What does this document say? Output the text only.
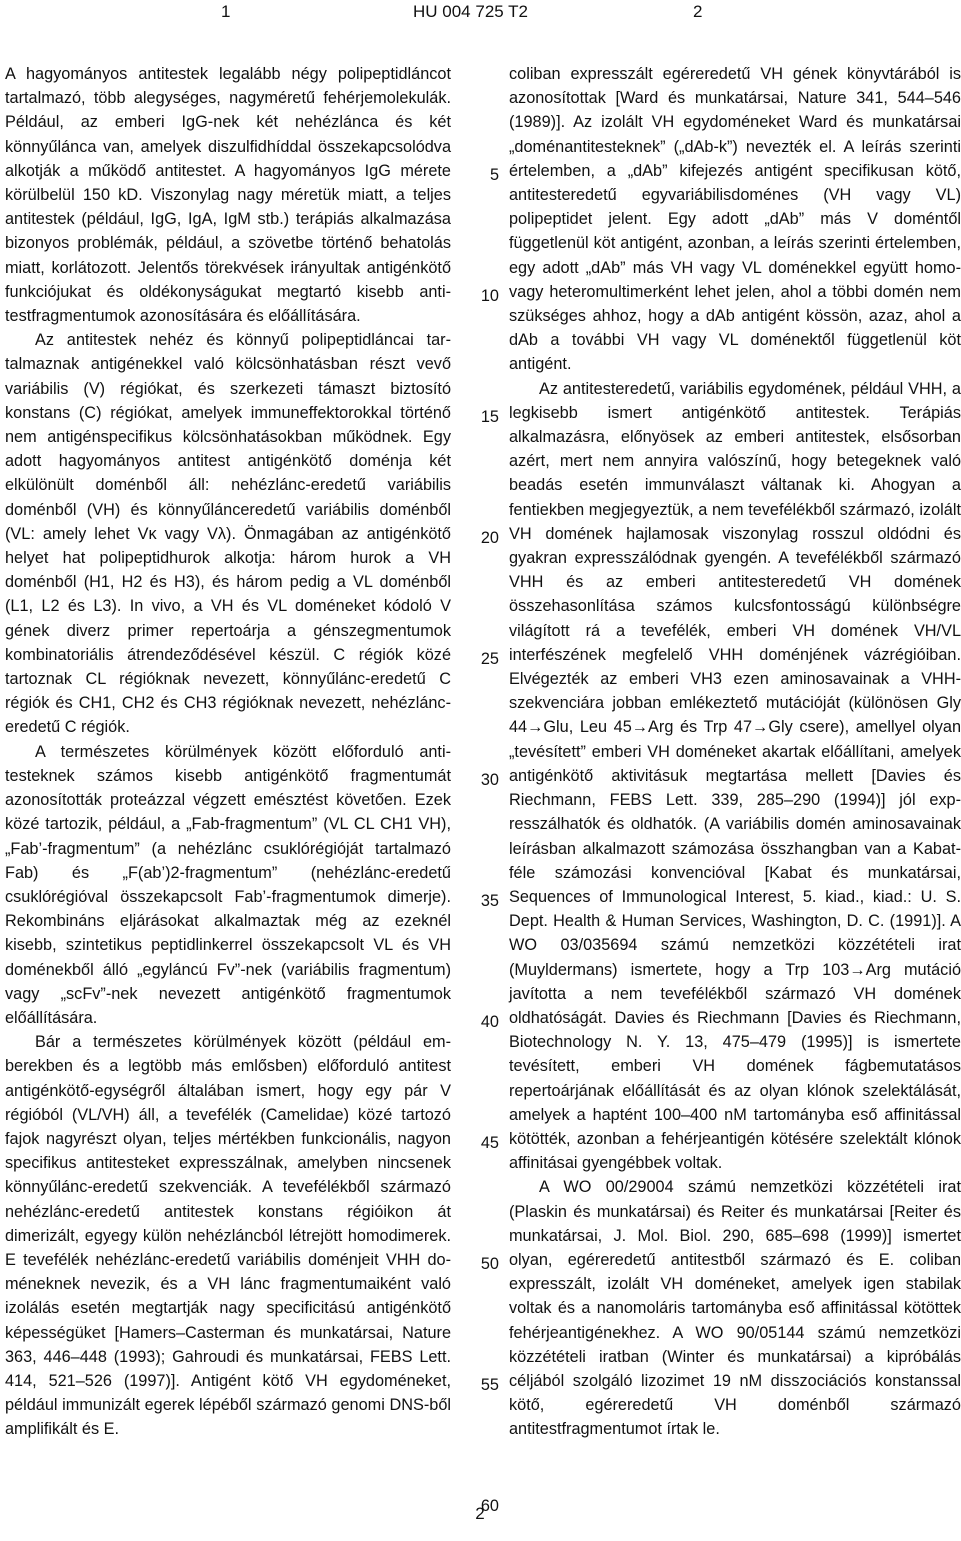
1	HU 004 725 T2	2

A hagyományos antitestek legalább négy polipeptidláncot tartalmazó, több alegységes, nagyméretű fehérjemolekulák. Például, az emberi IgG-nek két nehézlánca és két könnyűlánca van, amelyek diszulfidhíddal összekapcsolódva alkotják a működő antitestet. A hagyományos IgG mérete körülbelül 150 kD. Viszonylag nagy méretük miatt, a teljes antitestek (például, IgG, IgA, IgM stb.) terápiás alkalmazása bizonyos problémák, például, a szövetbe történő behatolás miatt, korlátozott. Jelentős törekvések irányultak antigénkötő funkciójukat és oldékonyságukat megtartó kisebb antitestfragmentumok azonosítására és előállítására.

Az antitestek nehéz és könnyű polipeptidláncai tartalmaznak antigénekkel való kölcsönhatásban részt vevő variábilis (V) régiókat, és szerkezeti támaszt biztosító konstans (C) régiókat, amelyek immuneffektorokkal történő nem antigénspecifikus kölcsönhatásokban működnek. Egy adott hagyományos antitest antigénkötő doménja két elkülönült doménből áll: nehézlánc-eredetű variábilis doménből (VH) és könnyűlánceredetű variábilis doménből (VL: amely lehet Vκ vagy Vλ). Önmagában az antigénkötő helyet hat polipeptidhurok alkotja: három hurok a VH doménből (H1, H2 és H3), és három pedig a VL doménből (L1, L2 és L3). In vivo, a VH és VL doméneket kódoló V gének diverz primer repertoárja a génszegmentumok kombinatoriális átrendeződésével készül. C régiók közé tartoznak CL régióknak nevezett, könnyűlánc-eredetű C régiók és CH1, CH2 és CH3 régióknak nevezett, nehézlánc-eredetű C régiók.

A természetes körülmények között előforduló antitesteknek számos kisebb antigénkötő fragmentumát azonosították proteázzal végzett emésztést követően. Ezek közé tartozik, például, a „Fab-fragmentum” (VL CL CH1 VH), „Fab’-fragmentum” (a nehézlánc csuklórégióját tartalmazó Fab) és „F(ab’)2-fragmentum” (nehézlánc-eredetű csuklórégióval összekapcsolt Fab’-fragmentumok dimerje). Rekombináns eljárásokat alkalmaztak még az ezeknél kisebb, szintetikus peptidlinkerrel összekapcsolt VL és VH doménekből álló „egyláncú Fv”-nek (variábilis fragmentum) vagy „scFv”-nek nevezett antigénkötő fragmentumok előállítására.

Bár a természetes körülmények között (például emberekben és a legtöbb más emlősben) előforduló antitest antigénkötő-egységről általában ismert, hogy egy pár V régióból (VL/VH) áll, a tevefélék (Camelidae) közé tartozó fajok nagyrészt olyan, teljes mértékben funkcionális, nagyon specifikus antitesteket expresszálnak, amelyben nincsenek könnyűlánc-eredetű szekvenciák. A tevefélékből származó nehézlánc-eredetű antitestek konstans régióikon át dimerizált, egyegy külön nehézláncból létrejött homodimerek. E tevefélék nehézlánc-eredetű variábilis doménjeit VHH doméneknek nevezik, és a VH lánc fragmentumaiként való izolálás esetén megtartják nagy specificitású antigénkötő képességüket [Hamers–Casterman és munkatársai, Nature 363, 446–448 (1993); Gahroudi és munkatársai, FEBS Lett. 414, 521–526 (1997)]. Antigént kötő VH egydoméneket, például immunizált egerek lépéből származó genomi DNS-ből amplifikált és E.

5
10
15
20
25
30
35
40
45
50
55
60

coliban expresszált egéreredetű VH gének könyvtárából is azonosítottak [Ward és munkatársai, Nature 341, 544–546 (1989)]. Az izolált VH egydoméneket Ward és munkatársai „doménantitesteknek” („dAb-k”) nevezték el. A leírás szerinti értelemben, a „dAb” kifejezés antigént specifikusan kötő, antitesteredetű egyvariábilisdoménes (VH vagy VL) polipeptidet jelent. Egy adott „dAb” más V doméntől függetlenül köt antigént, azonban, a leírás szerinti értelemben, egy adott „dAb” más VH vagy VL doménekkel együtt homo- vagy heteromultimerként lehet jelen, ahol a többi domén nem szükséges ahhoz, hogy a dAb antigént kössön, azaz, ahol a dAb a további VH vagy VL doménektől függetlenül köt antigént.

Az antitesteredetű, variábilis egydomének, például VHH, a legkisebb ismert antigénkötő antitestek. Terápiás alkalmazásra, előnyösek az emberi antitestek, elsősorban azért, mert nem annyira valószínű, hogy betegeknek való beadás esetén immunválaszt váltanak ki. Ahogyan a fentiekben megjegyeztük, a nem tevefélékből származó, izolált VH domének hajlamosak viszonylag rosszul oldódni és gyakran expresszálódnak gyengén. A tevefélékből származó VHH és az emberi antitesteredetű VH domének összehasonlítása számos kulcsfontosságú különbségre világított rá a tevefélék, emberi VH domének VH/VL interfészének megfelelő VHH doménjének vázrégióiban. Elvégezték az emberi VH3 ezen aminosavainak a VHH-szekvenciára jobban emlékeztető mutációját (különösen Gly 44→Glu, Leu 45→Arg és Trp 47→Gly csere), amellyel olyan „tevésített” emberi VH doméneket akartak előállítani, amelyek antigénkötő aktivitásuk megtartása mellett [Davies és Riechmann, FEBS Lett. 339, 285–290 (1994)] jól expresszálhatók és oldhatók. (A variábilis domén aminosavainak leírásban alkalmazott számozása összhangban van a Kabat-féle számozási konvencióval [Kabat és munkatársai, Sequences of Immunological Interest, 5. kiad., kiad.: U. S. Dept. Health & Human Services, Washington, D. C. (1991)]. A WO 03/035694 számú nemzetközi közzétételi irat (Muyldermans) ismertete, hogy a Trp 103→Arg mutáció javította a nem tevefélékből származó VH domének oldhatóságát. Davies és Riechmann [Davies és Riechmann, Biotechnology N. Y. 13, 475–479 (1995)] is ismertete tevésített, emberi VH domének fágbemutatásos repertoárjának előállítását és az olyan klónok szelektálását, amelyek a haptént 100–400 nM tartományba eső affinitással kötötték, azonban a fehérjeantigén kötésére szelektált klónok affinitásai gyengébbek voltak.

A WO 00/29004 számú nemzetközi közzétételi irat (Plaskin és munkatársai) és Reiter és munkatársai [Reiter és munkatársai, J. Mol. Biol. 290, 685–698 (1999)] ismertet olyan, egéreredetű antitestből származó és E. coliban expresszált, izolált VH doméneket, amelyek igen stabilak voltak és a nanomoláris tartományba eső affinitással kötöttek fehérjeantigénekhez. A WO 90/05144 számú nemzetközi közzétételi iratban (Winter és munkatársai) a kipróbálás céljából szolgáló lizozimet 19 nM disszociációs konstanssal kötő, egéreredetű VH doménből származó antitestfragmentumot írtak le.

2
